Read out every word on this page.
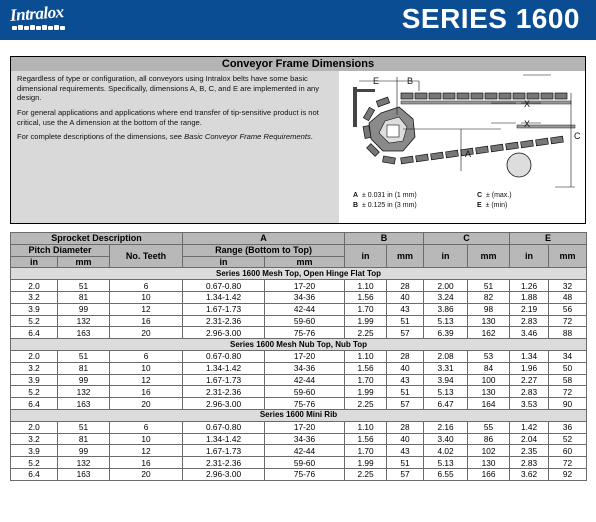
Intralox	SERIES 1600
Conveyor Frame Dimensions

Regardless of type or configuration, all conveyors using Intralox belts have some basic dimensional requirements. Specifically, dimensions A, B, C, and E are implemented in any design.

For general applications and applications where end transfer of tip-sensitive product is not critical, use the A dimension at the bottom of the range.

For complete descriptions of the dimensions, see Basic Conveyor Frame Requirements.

E	B
A
X
X
C
A ± 0.031 in (1 mm)
B ± 0.125 in (3 mm)
C ± (max.)
E ± (min)
Sprocket Description			A		B		C		E	
Pitch Diameter		No. Teeth	Range (Bottom to Top)		in	mm	in	mm	in	mm
in	mm		in	mm						
Series 1600 Mesh Top, Open Hinge Flat Top										
2.0	51	6	0.67-0.80	17-20	1.10	28	2.00	51	1.26	32
3.2	81	10	1.34-1.42	34-36	1.56	40	3.24	82	1.88	48
3.9	99	12	1.67-1.73	42-44	1.70	43	3.86	98	2.19	56
5.2	132	16	2.31-2.36	59-60	1.99	51	5.13	130	2.83	72
6.4	163	20	2.96-3.00	75-76	2.25	57	6.39	162	3.46	88
Series 1600 Mesh Nub Top, Nub Top										
2.0	51	6	0.67-0.80	17-20	1.10	28	2.08	53	1.34	34
3.2	81	10	1.34-1.42	34-36	1.56	40	3.31	84	1.96	50
3.9	99	12	1.67-1.73	42-44	1.70	43	3.94	100	2.27	58
5.2	132	16	2.31-2.36	59-60	1.99	51	5.13	130	2.83	72
6.4	163	20	2.96-3.00	75-76	2.25	57	6.47	164	3.53	90
Series 1600 Mini Rib										
2.0	51	6	0.67-0.80	17-20	1.10	28	2.16	55	1.42	36
3.2	81	10	1.34-1.42	34-36	1.56	40	3.40	86	2.04	52
3.9	99	12	1.67-1.73	42-44	1.70	43	4.02	102	2.35	60
5.2	132	16	2.31-2.36	59-60	1.99	51	5.13	130	2.83	72
6.4	163	20	2.96-3.00	75-76	2.25	57	6.55	166	3.62	92
